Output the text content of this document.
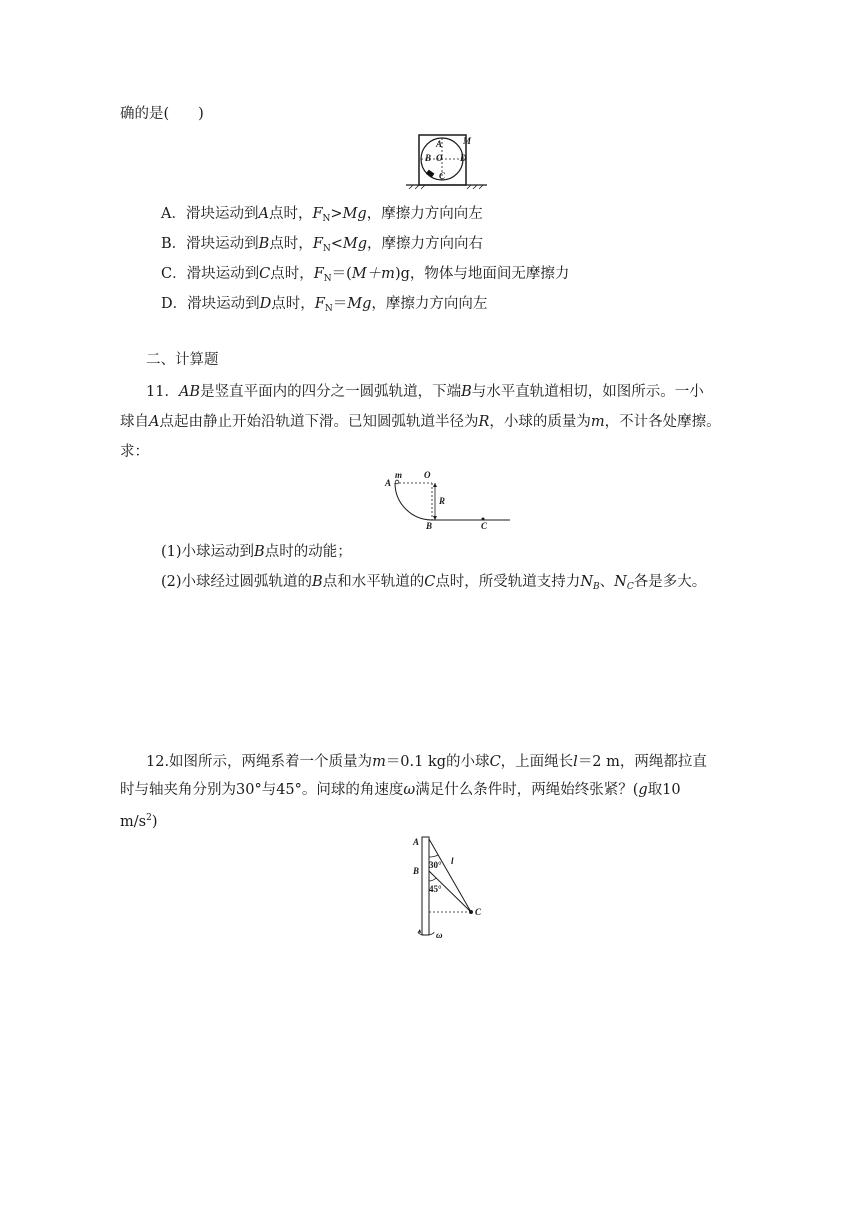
确的是(　　)
A
B O D
C
M
A．滑块运动到A点时，$F_N>Mg$，摩擦力方向向左
B．滑块运动到B点时，$F_N<Mg$，摩擦力方向向右
C．滑块运动到C点时，$F_N=(M+m)g$，物体与地面间无摩擦力
D．滑块运动到D点时，$F_N=Mg$，摩擦力方向向左
二、计算题
11．AB是竖直平面内的四分之一圆弧轨道，下端B与水平直轨道相切，如图所示。一小
球自A点起由静止开始沿轨道下滑。已知圆弧轨道半径为R，小球的质量为m，不计各处摩擦。
求：
m O
A
R
B	C
(1)小球运动到B点时的动能；
(2)小球经过圆弧轨道的B点和水平轨道的C点时，所受轨道支持力$N_B$、$N_C$各是多大。
12.如图所示，两绳系着一个质量为m＝0.1 kg的小球C，上面绳长l＝2 m，两绳都拉直
时与轴夹角分别为30°与45°。问球的角速度ω满足什么条件时，两绳始终张紧？(g取10
$m/s^2$)
A
B
30°
45°
l
C
ω
